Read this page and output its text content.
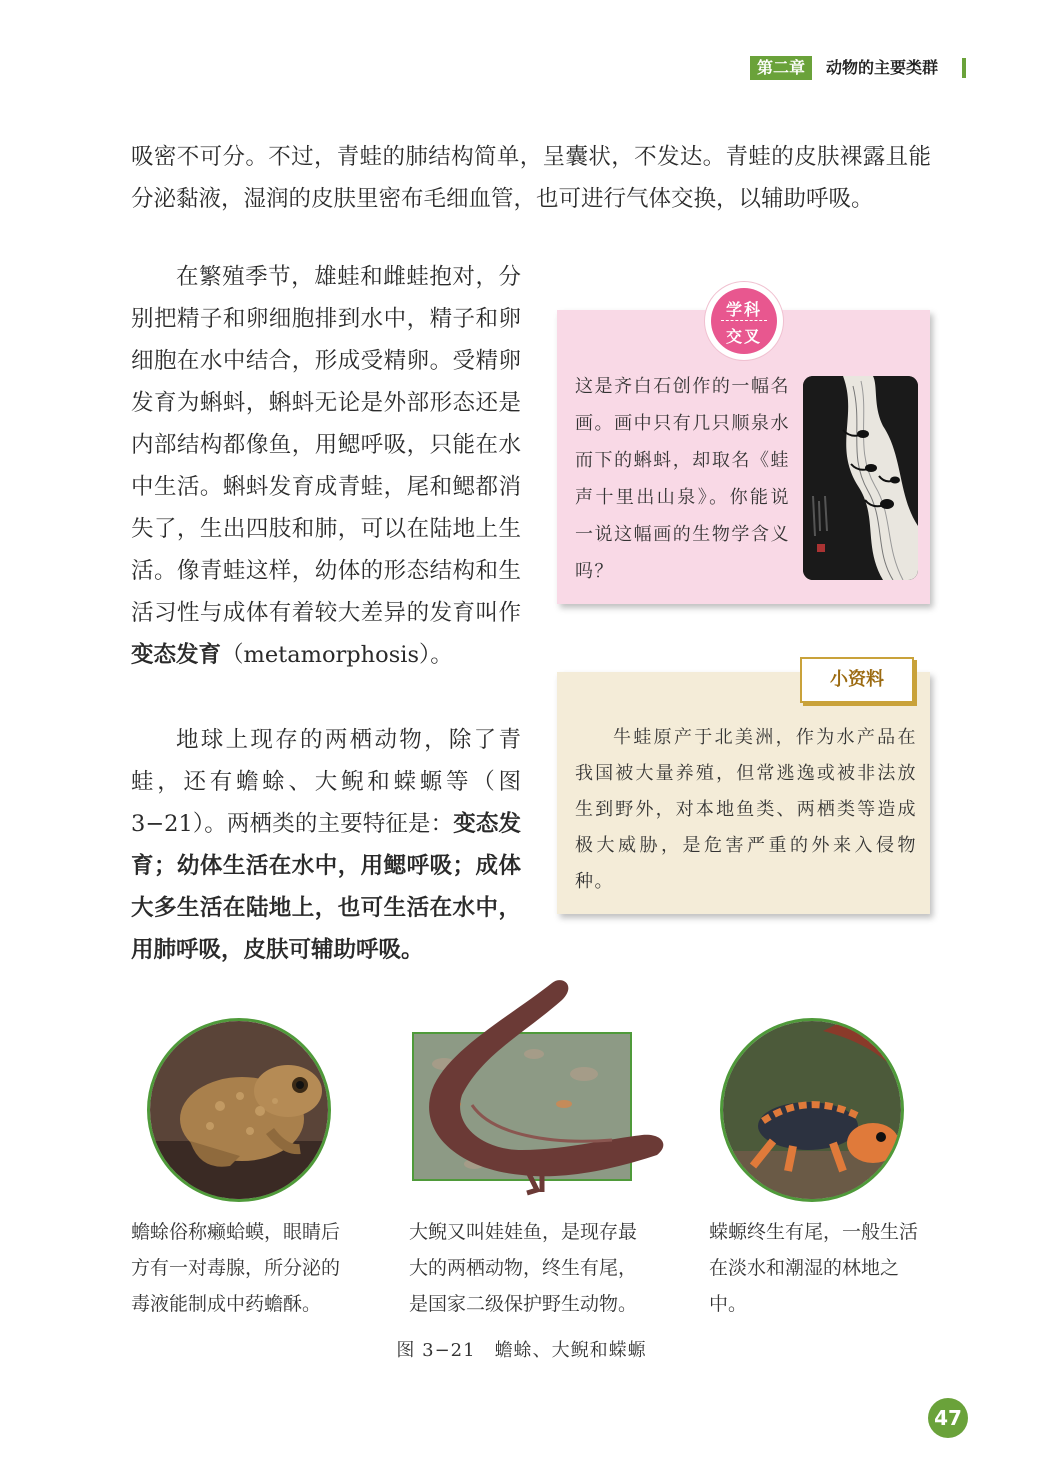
第二章	动物的主要类群

吸密不可分。不过，青蛙的肺结构简单，呈囊状，不发达。青蛙的皮肤裸露且能分泌黏液，湿润的皮肤里密布毛细血管，也可进行气体交换，以辅助呼吸。

在繁殖季节，雄蛙和雌蛙抱对，分别把精子和卵细胞排到水中，精子和卵细胞在水中结合，形成受精卵。受精卵发育为蝌蚪，蝌蚪无论是外部形态还是内部结构都像鱼，用鳃呼吸，只能在水中生活。蝌蚪发育成青蛙，尾和鳃都消失了，生出四肢和肺，可以在陆地上生活。像青蛙这样，幼体的形态结构和生活习性与成体有着较大差异的发育叫作变态发育（metamorphosis）。

地球上现存的两栖动物，除了青蛙，还有蟾蜍、大鲵和蝾螈等（图 3−21）。两栖类的主要特征是：变态发育；幼体生活在水中，用鳃呼吸；成体大多生活在陆地上，也可生活在水中，用肺呼吸，皮肤可辅助呼吸。

学科
交叉

这是齐白石创作的一幅名画。画中只有几只顺泉水而下的蝌蚪，却取名《蛙声十里出山泉》。你能说一说这幅画的生物学含义吗？

小资料

牛蛙原产于北美洲，作为水产品在我国被大量养殖，但常逃逸或被非法放生到野外，对本地鱼类、两栖类等造成极大威胁，是危害严重的外来入侵物种。

蟾蜍俗称癞蛤蟆，眼睛后方有一对毒腺，所分泌的毒液能制成中药蟾酥。

大鲵又叫娃娃鱼，是现存最大的两栖动物，终生有尾，是国家二级保护野生动物。

蝾螈终生有尾，一般生活在淡水和潮湿的林地之中。

图 3−21　蟾蜍、大鲵和蝾螈

47
